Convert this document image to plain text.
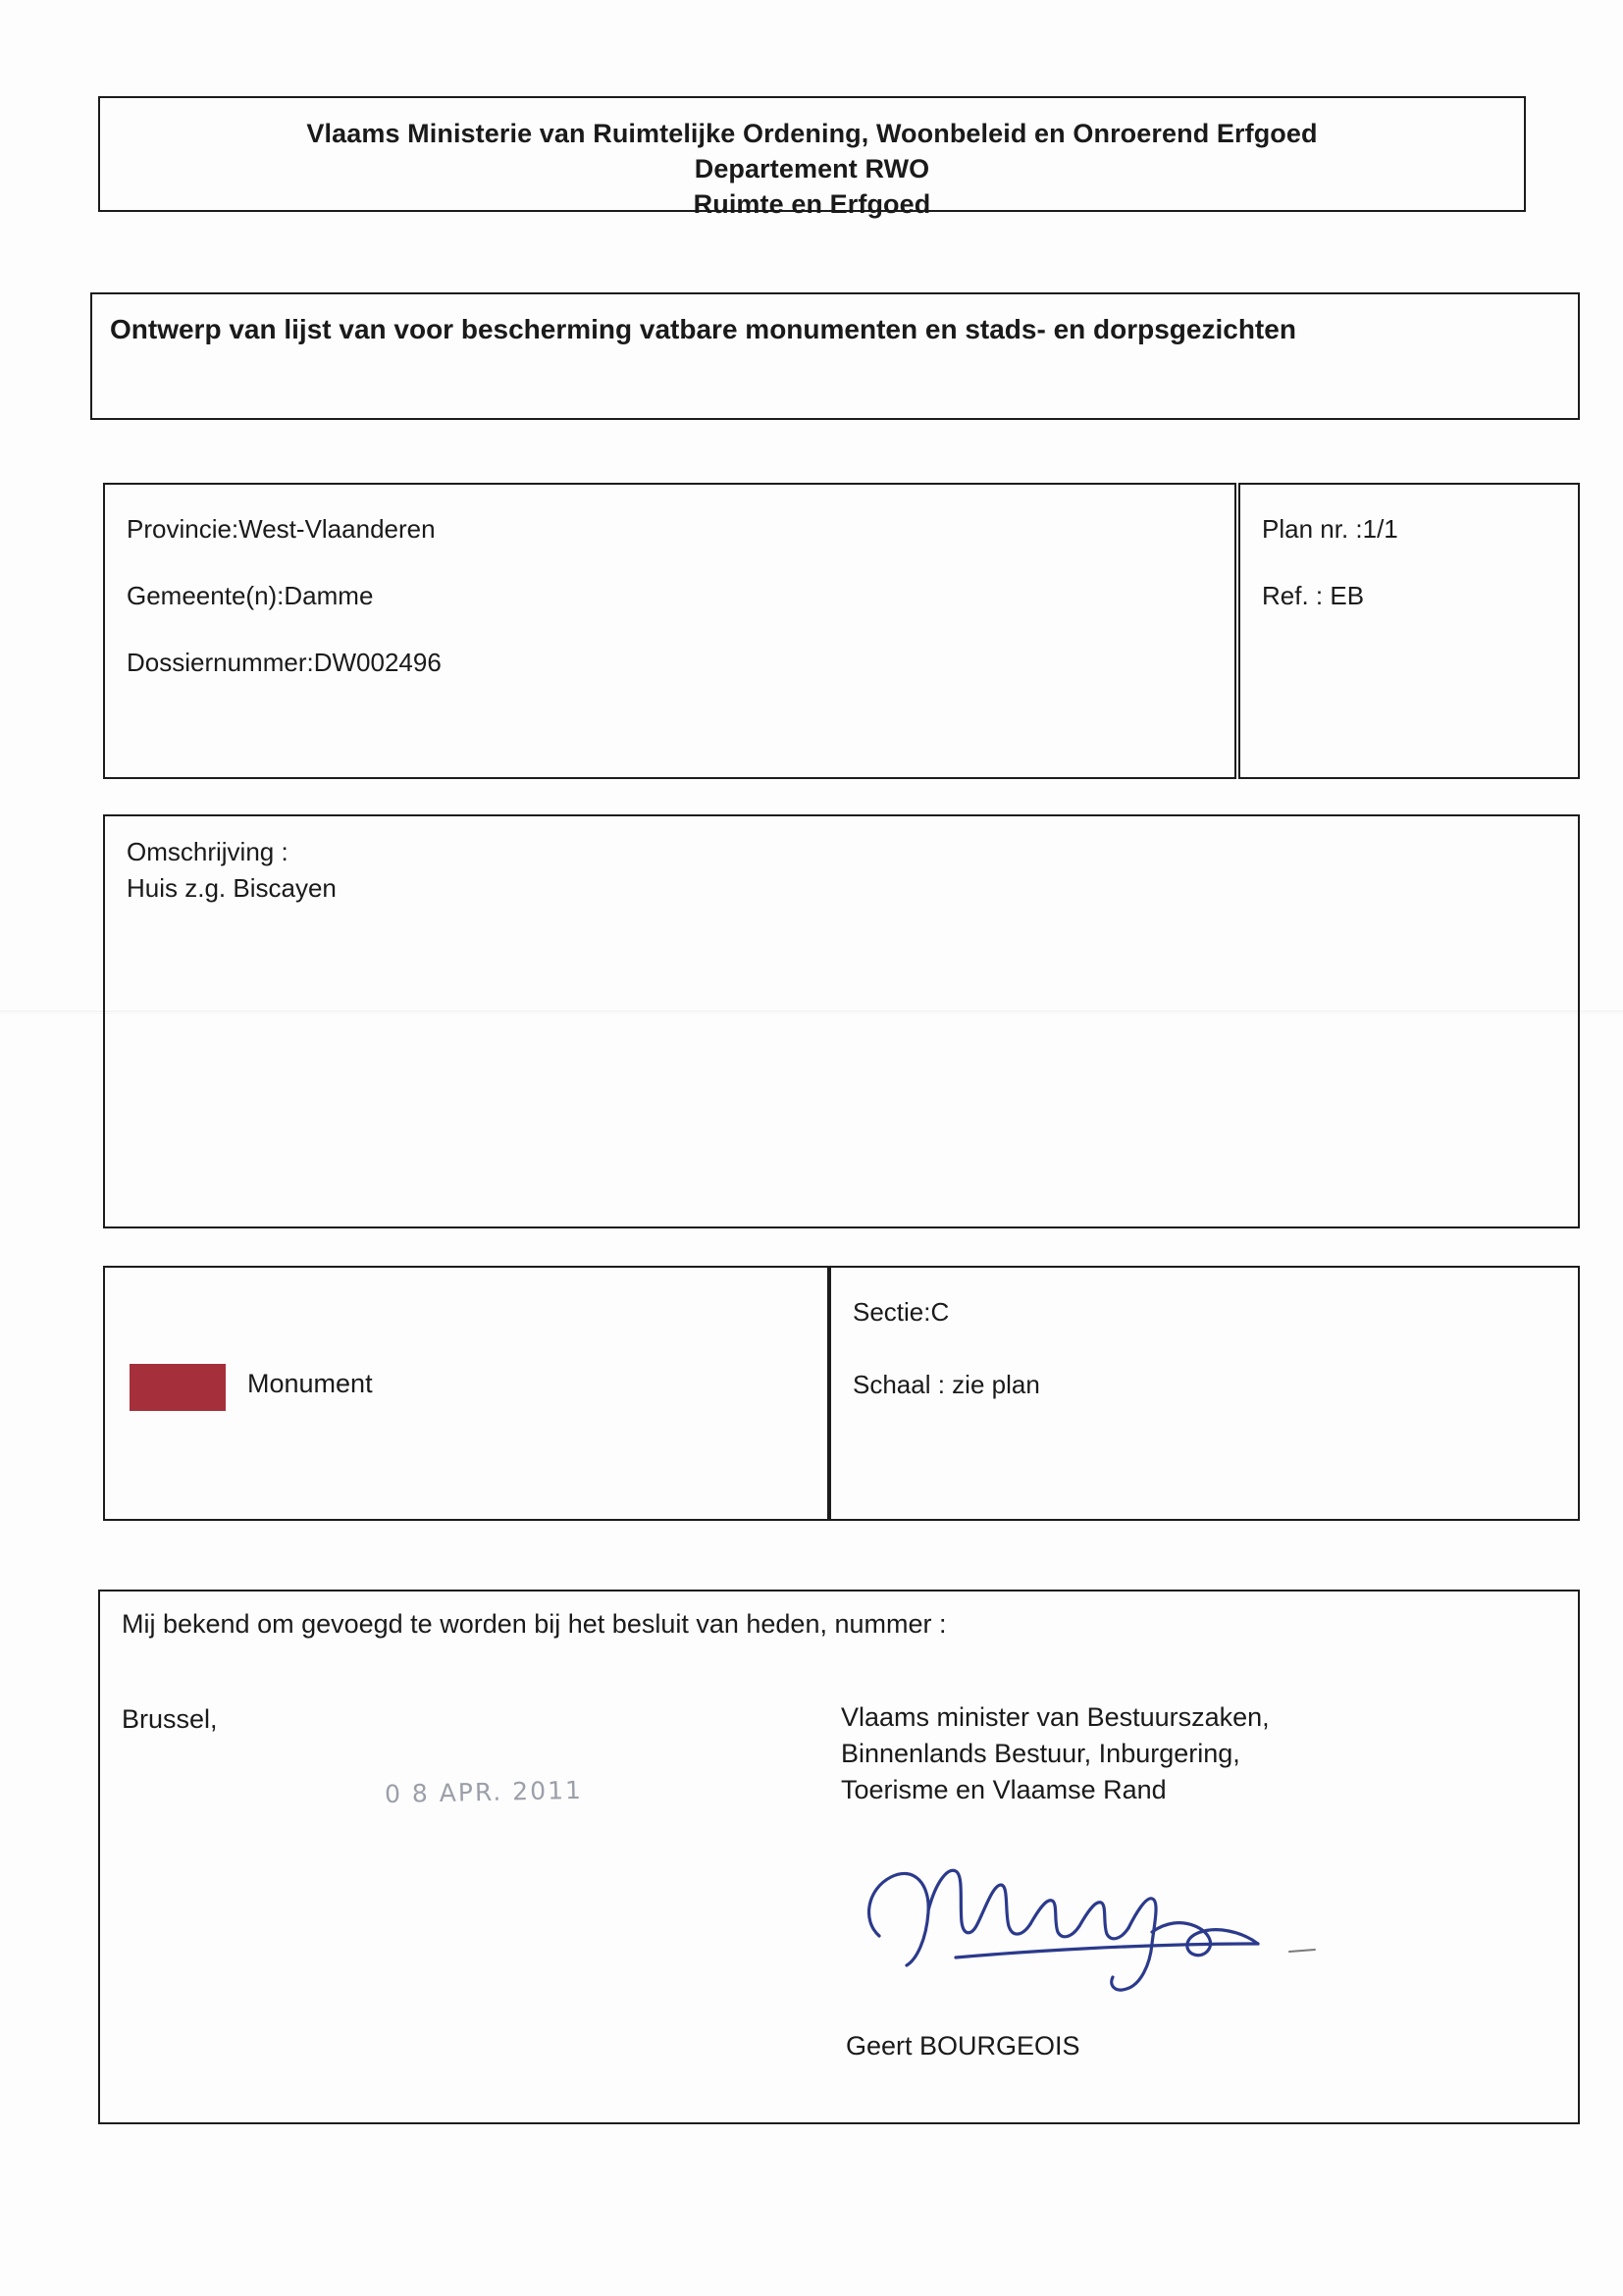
Vlaams Ministerie van Ruimtelijke Ordening, Woonbeleid en Onroerend Erfgoed
Departement RWO
Ruimte en Erfgoed
Ontwerp van lijst van voor bescherming vatbare monumenten en stads- en dorpsgezichten
Provincie:West-Vlaanderen
Gemeente(n):Damme
Dossiernummer:DW002496
Plan nr. :1/1
Ref. : EB
Omschrijving :
Huis z.g. Biscayen
Monument
Sectie:C
Schaal : zie plan
Mij bekend om gevoegd te worden bij het besluit van heden, nummer :
Brussel,
0 8 APR. 2011
Vlaams minister van Bestuurszaken,
Binnenlands Bestuur, Inburgering,
Toerisme en Vlaamse Rand
Geert BOURGEOIS
